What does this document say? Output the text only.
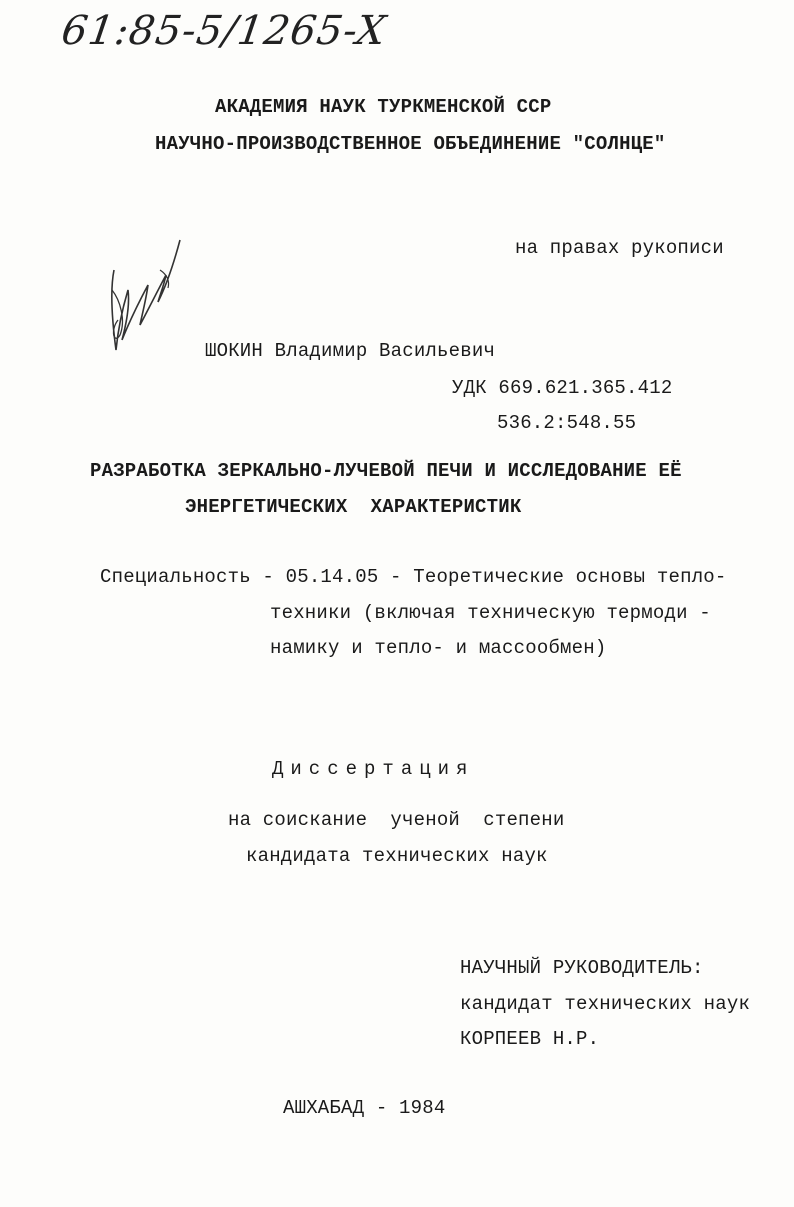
61:85-5/1265-X
АКАДЕМИЯ НАУК ТУРКМЕНСКОЙ ССР
НАУЧНО-ПРОИЗВОДСТВЕННОЕ ОБЪЕДИНЕНИЕ "СОЛНЦЕ"
на правах рукописи
ШОКИН Владимир Васильевич
УДК 669.621.365.412
536.2:548.55
РАЗРАБОТКА ЗЕРКАЛЬНО-ЛУЧЕВОЙ ПЕЧИ И ИССЛЕДОВАНИЕ ЕЁ
ЭНЕРГЕТИЧЕСКИХ  ХАРАКТЕРИСТИК
Специальность - 05.14.05 - Теоретические основы тепло-
техники (включая техническую термоди -
намику и тепло- и массообмен)
Диссертация
на соискание  ученой  степени
кандидата технических наук
НАУЧНЫЙ РУКОВОДИТЕЛЬ:
кандидат технических наук
КОРПЕЕВ Н.Р.
АШХАБАД - 1984
